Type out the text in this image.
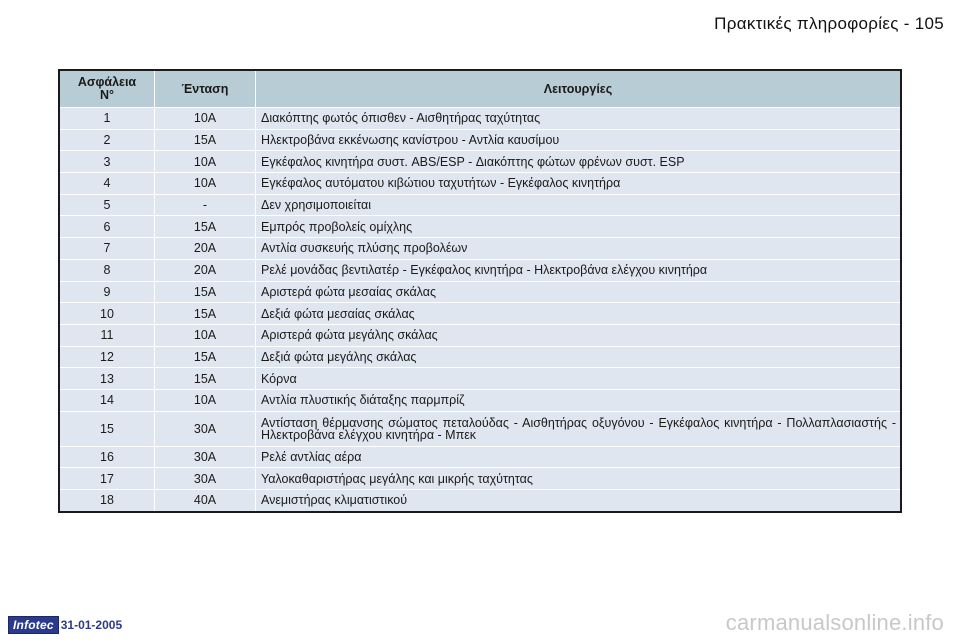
Πρακτικές πληροφορίες - 105
Ασφάλεια
N°	Ένταση	Λειτουργίες
1	10A	Διακόπτης φωτός όπισθεν - Αισθητήρας ταχύτητας
2	15A	Ηλεκτροβάνα εκκένωσης κανίστρου - Αντλία καυσίμου
3	10A	Εγκέφαλος κινητήρα συστ. ABS/ESP - Διακόπτης φώτων φρένων συστ. ESP
4	10A	Εγκέφαλος αυτόματου κιβώτιου ταχυτήτων - Εγκέφαλος κινητήρα
5	-	Δεν χρησιμοποιείται
6	15A	Εμπρός προβολείς ομίχλης
7	20A	Αντλία συσκευής πλύσης προβολέων
8	20A	Ρελέ μονάδας βεντιλατέρ - Εγκέφαλος κινητήρα - Ηλεκτροβάνα ελέγχου κινητήρα
9	15A	Αριστερά φώτα μεσαίας σκάλας
10	15A	Δεξιά φώτα μεσαίας σκάλας
11	10A	Αριστερά φώτα μεγάλης σκάλας
12	15A	Δεξιά φώτα μεγάλης σκάλας
13	15A	Κόρνα
14	10A	Αντλία πλυστικής διάταξης παρμπρίζ
15	30A	Αντίσταση θέρμανσης σώματος πεταλούδας - Αισθητήρας οξυγόνου - Εγκέφαλος κινητήρα - Πολλαπλασιαστής - Ηλεκτροβάνα ελέγχου κινητήρα - Μπεκ
16	30A	Ρελέ αντλίας αέρα
17	30A	Υαλοκαθαριστήρας μεγάλης και μικρής ταχύτητας
18	40A	Ανεμιστήρας κλιματιστικού
Infotec 31-01-2005	carmanualsonline.info
